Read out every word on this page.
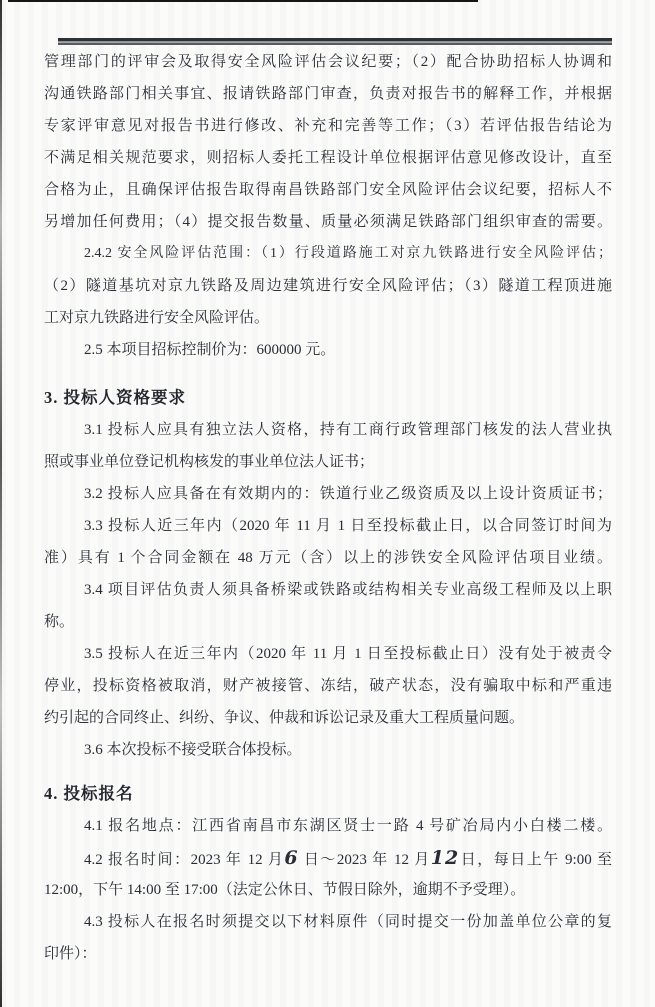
管理部门的评审会及取得安全风险评估会议纪要；（2）配合协助招标人协调和
沟通铁路部门相关事宜、报请铁路部门审查，负责对报告书的解释工作，并根据
专家评审意见对报告书进行修改、补充和完善等工作；（3）若评估报告结论为
不满足相关规范要求，则招标人委托工程设计单位根据评估意见修改设计，直至
合格为止，且确保评估报告取得南昌铁路部门安全风险评估会议纪要，招标人不
另增加任何费用；（4）提交报告数量、质量必须满足铁路部门组织审查的需要。
2.4.2 安全风险评估范围：（1）行段道路施工对京九铁路进行安全风险评估；
（2）隧道基坑对京九铁路及周边建筑进行安全风险评估；（3）隧道工程顶进施
工对京九铁路进行安全风险评估。
2.5 本项目招标控制价为：600000 元。
3. 投标人资格要求
3.1 投标人应具有独立法人资格，持有工商行政管理部门核发的法人营业执
照或事业单位登记机构核发的事业单位法人证书；
3.2 投标人应具备在有效期内的：铁道行业乙级资质及以上设计资质证书；
3.3 投标人近三年内（2020 年 11 月 1 日至投标截止日，以合同签订时间为
准）具有 1 个合同金额在 48 万元（含）以上的涉铁安全风险评估项目业绩。
3.4 项目评估负责人须具备桥梁或铁路或结构相关专业高级工程师及以上职
称。
3.5 投标人在近三年内（2020 年 11 月 1 日至投标截止日）没有处于被责令
停业，投标资格被取消，财产被接管、冻结，破产状态，没有骗取中标和严重违
约引起的合同终止、纠纷、争议、仲裁和诉讼记录及重大工程质量问题。
3.6 本次投标不接受联合体投标。
4. 投标报名
4.1 报名地点：江西省南昌市东湖区贤士一路 4 号矿冶局内小白楼二楼。
4.2 报名时间：2023 年 12 月6 日～2023 年 12 月12日，每日上午 9:00 至
12:00，下午 14:00 至 17:00（法定公休日、节假日除外，逾期不予受理）。
4.3 投标人在报名时须提交以下材料原件（同时提交一份加盖单位公章的复
印件）：
